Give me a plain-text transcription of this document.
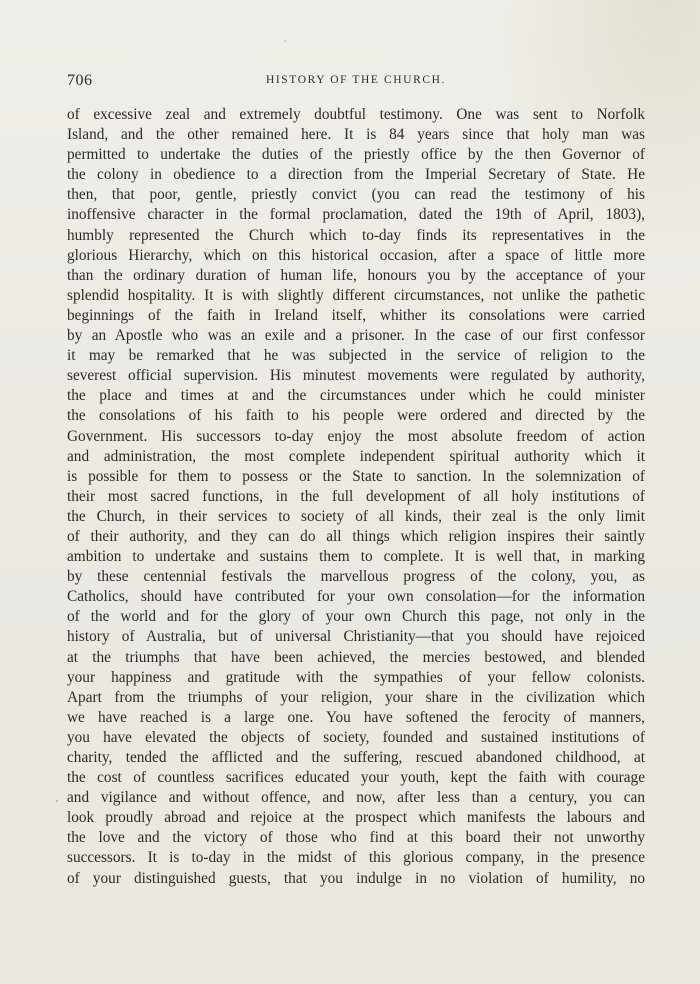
706	HISTORY OF THE CHURCH.
of excessive zeal and extremely doubtful testimony. One was sent to Norfolk
Island, and the other remained here. It is 84 years since that holy man was
permitted to undertake the duties of the priestly office by the then Governor of
the colony in obedience to a direction from the Imperial Secretary of State. He
then, that poor, gentle, priestly convict (you can read the testimony of his
inoffensive character in the formal proclamation, dated the 19th of April, 1803),
humbly represented the Church which to-day finds its representatives in the
glorious Hierarchy, which on this historical occasion, after a space of little more
than the ordinary duration of human life, honours you by the acceptance of your
splendid hospitality. It is with slightly different circumstances, not unlike the pathetic
beginnings of the faith in Ireland itself, whither its consolations were carried
by an Apostle who was an exile and a prisoner. In the case of our first confessor
it may be remarked that he was subjected in the service of religion to the
severest official supervision. His minutest movements were regulated by authority,
the place and times at and the circumstances under which he could minister
the consolations of his faith to his people were ordered and directed by the
Government. His successors to-day enjoy the most absolute freedom of action
and administration, the most complete independent spiritual authority which it
is possible for them to possess or the State to sanction. In the solemnization of
their most sacred functions, in the full development of all holy institutions of
the Church, in their services to society of all kinds, their zeal is the only limit
of their authority, and they can do all things which religion inspires their saintly
ambition to undertake and sustains them to complete. It is well that, in marking
by these centennial festivals the marvellous progress of the colony, you, as
Catholics, should have contributed for your own consolation—for the information
of the world and for the glory of your own Church this page, not only in the
history of Australia, but of universal Christianity—that you should have rejoiced
at the triumphs that have been achieved, the mercies bestowed, and blended
your happiness and gratitude with the sympathies of your fellow colonists.
Apart from the triumphs of your religion, your share in the civilization which
we have reached is a large one. You have softened the ferocity of manners,
you have elevated the objects of society, founded and sustained institutions of
charity, tended the afflicted and the suffering, rescued abandoned childhood, at
the cost of countless sacrifices educated your youth, kept the faith with courage
and vigilance and without offence, and now, after less than a century, you can
look proudly abroad and rejoice at the prospect which manifests the labours and
the love and the victory of those who find at this board their not unworthy
successors. It is to-day in the midst of this glorious company, in the presence
of your distinguished guests, that you indulge in no violation of humility, no
